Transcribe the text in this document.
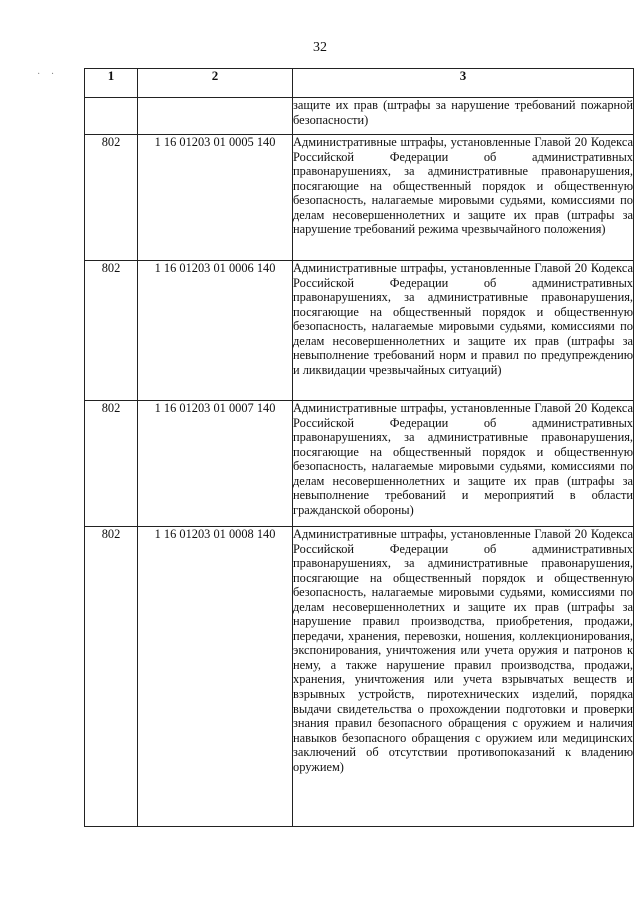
32
· ·	1	2	3
		защите их прав (штрафы за нарушение требований пожарной безопасности)
802	1 16 01203 01 0005 140	Административные штрафы, установленные Главой 20 Кодекса Российской Федерации об административных правонарушениях, за административные правонарушения, посягающие на общественный порядок и общественную безопасность, налагаемые мировыми судьями, комиссиями по делам несовершеннолетних и защите их прав (штрафы за нарушение требований режима чрезвычайного положения)
802	1 16 01203 01 0006 140	Административные штрафы, установленные Главой 20 Кодекса Российской Федерации об административных правонарушениях, за административные правонарушения, посягающие на общественный порядок и общественную безопасность, налагаемые мировыми судьями, комиссиями по делам несовершеннолетних и защите их прав (штрафы за невыполнение требований норм и правил по предупреждению и ликвидации чрезвычайных ситуаций)
802	1 16 01203 01 0007 140	Административные штрафы, установленные Главой 20 Кодекса Российской Федерации об административных правонарушениях, за административные правонарушения, посягающие на общественный порядок и общественную безопасность, налагаемые мировыми судьями, комиссиями по делам несовершеннолетних и защите их прав (штрафы за невыполнение требований и мероприятий в области гражданской обороны)
802	1 16 01203 01 0008 140	Административные штрафы, установленные Главой 20 Кодекса Российской Федерации об административных правонарушениях, за административные правонарушения, посягающие на общественный порядок и общественную безопасность, налагаемые мировыми судьями, комиссиями по делам несовершеннолетних и защите их прав (штрафы за нарушение правил производства, приобретения, продажи, передачи, хранения, перевозки, ношения, коллекционирования, экспонирования, уничтожения или учета оружия и патронов к нему, а также нарушение правил производства, продажи, хранения, уничтожения или учета взрывчатых веществ и взрывных устройств, пиротехнических изделий, порядка выдачи свидетельства о прохождении подготовки и проверки знания правил безопасного обращения с оружием и наличия навыков безопасного обращения с оружием или медицинских заключений об отсутствии противопоказаний к владению оружием)
